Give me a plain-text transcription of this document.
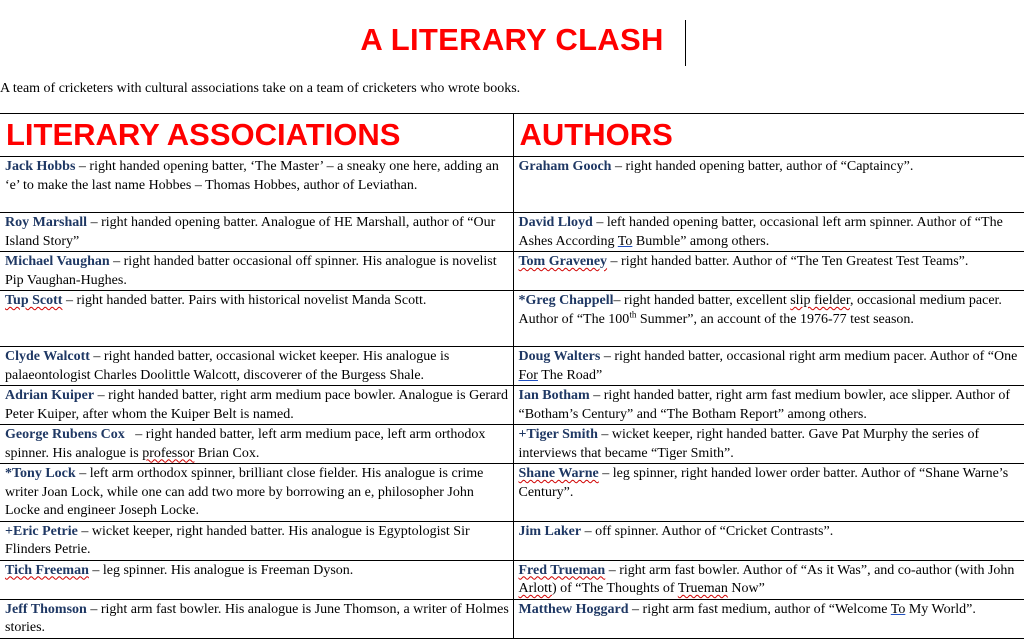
A LITERARY CLASH
A team of cricketers with cultural associations take on a team of cricketers who wrote books.
LITERARY ASSOCIATIONS	AUTHORS
Jack Hobbs – right handed opening batter, ‘The Master’ – a sneaky one here, adding an ‘e’ to make the last name Hobbes – Thomas Hobbes, author of Leviathan.	Graham Gooch – right handed opening batter, author of “Captaincy”.
Roy Marshall – right handed opening batter. Analogue of HE Marshall, author of “Our Island Story”	David Lloyd – left handed opening batter, occasional left arm spinner. Author of “The Ashes According To Bumble” among others.
Michael Vaughan – right handed batter occasional off spinner. His analogue is novelist Pip Vaughan-Hughes.	Tom Graveney – right handed batter. Author of “The Ten Greatest Test Teams”.
Tup Scott – right handed batter. Pairs with historical novelist Manda Scott.	*Greg Chappell– right handed batter, excellent slip fielder, occasional medium pacer. Author of “The 100th Summer”, an account of the 1976-77 test season.
Clyde Walcott – right handed batter, occasional wicket keeper. His analogue is palaeontologist Charles Doolittle Walcott, discoverer of the Burgess Shale.	Doug Walters – right handed batter, occasional right arm medium pacer. Author of “One For The Road”
Adrian Kuiper – right handed batter, right arm medium pace bowler. Analogue is Gerard Peter Kuiper, after whom the Kuiper Belt is named.	Ian Botham – right handed batter, right arm fast medium bowler, ace slipper. Author of “Botham’s Century” and “The Botham Report” among others.
George Rubens Cox   – right handed batter, left arm medium pace, left arm orthodox spinner. His analogue is professor Brian Cox.	+Tiger Smith – wicket keeper, right handed batter. Gave Pat Murphy the series of interviews that became “Tiger Smith”.
*Tony Lock – left arm orthodox spinner, brilliant close fielder. His analogue is crime writer Joan Lock, while one can add two more by borrowing an e, philosopher John Locke and engineer Joseph Locke.	Shane Warne – leg spinner, right handed lower order batter. Author of “Shane Warne’s Century”.
+Eric Petrie – wicket keeper, right handed batter. His analogue is Egyptologist Sir Flinders Petrie.	Jim Laker – off spinner. Author of “Cricket Contrasts”.
Tich Freeman – leg spinner. His analogue is Freeman Dyson.	Fred Trueman – right arm fast bowler. Author of “As it Was”, and co-author (with John Arlott) of “The Thoughts of Trueman Now”
Jeff Thomson – right arm fast bowler. His analogue is June Thomson, a writer of Holmes stories.	Matthew Hoggard – right arm fast medium, author of “Welcome To My World”.
